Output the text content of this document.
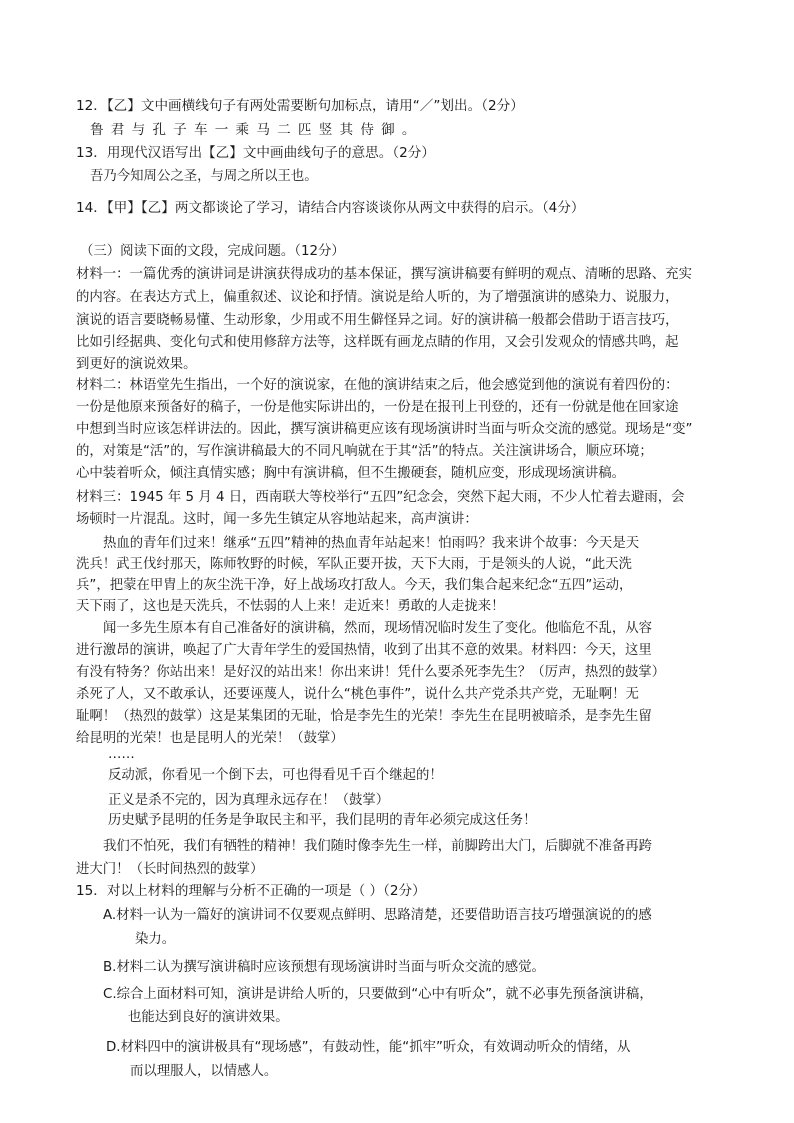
12．【乙】文中画横线句子有两处需要断句加标点，请用“／”划出。（2分）
鲁君与孔子车一乘马二匹竖其侍御。
13．用现代汉语写出【乙】文中画曲线句子的意思。（2分）
吾乃今知周公之圣，与周之所以王也。
14．【甲】【乙】两文都谈论了学习，请结合内容谈谈你从两文中获得的启示。（4分）
（三）阅读下面的文段，完成问题。（12分）
材料一：一篇优秀的演讲词是讲演获得成功的基本保证，撰写演讲稿要有鲜明的观点、清晰的思路、充实
的内容。在表达方式上，偏重叙述、议论和抒情。演说是给人听的，为了增强演讲的感染力、说服力，
演说的语言要晓畅易懂、生动形象，少用或不用生僻怪异之词。好的演讲稿一般都会借助于语言技巧，
比如引经据典、变化句式和使用修辞方法等，这样既有画龙点睛的作用，又会引发观众的情感共鸣，起
到更好的演说效果。
材料二：林语堂先生指出，一个好的演说家，在他的演讲结束之后，他会感觉到他的演说有着四份的：
一份是他原来预备好的稿子，一份是他实际讲出的，一份是在报刊上刊登的，还有一份就是他在回家途
中想到当时应该怎样讲法的。因此，撰写演讲稿更应该有现场演讲时当面与听众交流的感觉。现场是“变”
的，对策是“活”的，写作演讲稿最大的不同凡响就在于其“活”的特点。关注演讲场合，顺应环境；
心中装着听众，倾注真情实感；胸中有演讲稿，但不生搬硬套，随机应变，形成现场演讲稿。
材料三：1945 年 5 月 4 日，西南联大等校举行“五四”纪念会，突然下起大雨，不少人忙着去避雨，会
场顿时一片混乱。这时，闻一多先生镇定从容地站起来，高声演讲：
热血的青年们过来！继承“五四”精神的热血青年站起来！怕雨吗？我来讲个故事：今天是天
洗兵！武王伐纣那天，陈师牧野的时候，军队正要开拔，天下大雨，于是领头的人说，“此天洗
兵”，把蒙在甲胄上的灰尘洗干净，好上战场攻打敌人。今天，我们集合起来纪念“五四”运动，
天下雨了，这也是天洗兵，不怯弱的人上来！走近来！勇敢的人走拢来！
闻一多先生原本有自己准备好的演讲稿，然而，现场情况临时发生了变化。他临危不乱，从容
进行激昂的演讲，唤起了广大青年学生的爱国热情，收到了出其不意的效果。材料四：今天，这里
有没有特务？你站出来！是好汉的站出来！你出来讲！凭什么要杀死李先生？（厉声，热烈的鼓掌）
杀死了人，又不敢承认，还要诬蔑人，说什么“桃色事件”，说什么共产党杀共产党，无耻啊！无
耻啊！（热烈的鼓掌）这是某集团的无耻，恰是李先生的光荣！李先生在昆明被暗杀，是李先生留
给昆明的光荣！也是昆明人的光荣！（鼓掌）
……
反动派，你看见一个倒下去，可也得看见千百个继起的！
正义是杀不完的，因为真理永远存在！（鼓掌）
历史赋予昆明的任务是争取民主和平，我们昆明的青年必须完成这任务！
我们不怕死，我们有牺牲的精神！我们随时像李先生一样，前脚跨出大门，后脚就不准备再跨
进大门！（长时间热烈的鼓掌）
15．对以上材料的理解与分析不正确的一项是（ ）（2分）
A.材料一认为一篇好的演讲词不仅要观点鲜明、思路清楚，还要借助语言技巧增强演说的的感
染力。
B.材料二认为撰写演讲稿时应该预想有现场演讲时当面与听众交流的感觉。
C.综合上面材料可知，演讲是讲给人听的，只要做到“心中有听众”，就不必事先预备演讲稿，
也能达到良好的演讲效果。
D.材料四中的演讲极具有“现场感”，有鼓动性，能“抓牢”听众，有效调动听众的情绪，从
而以理服人，以情感人。
